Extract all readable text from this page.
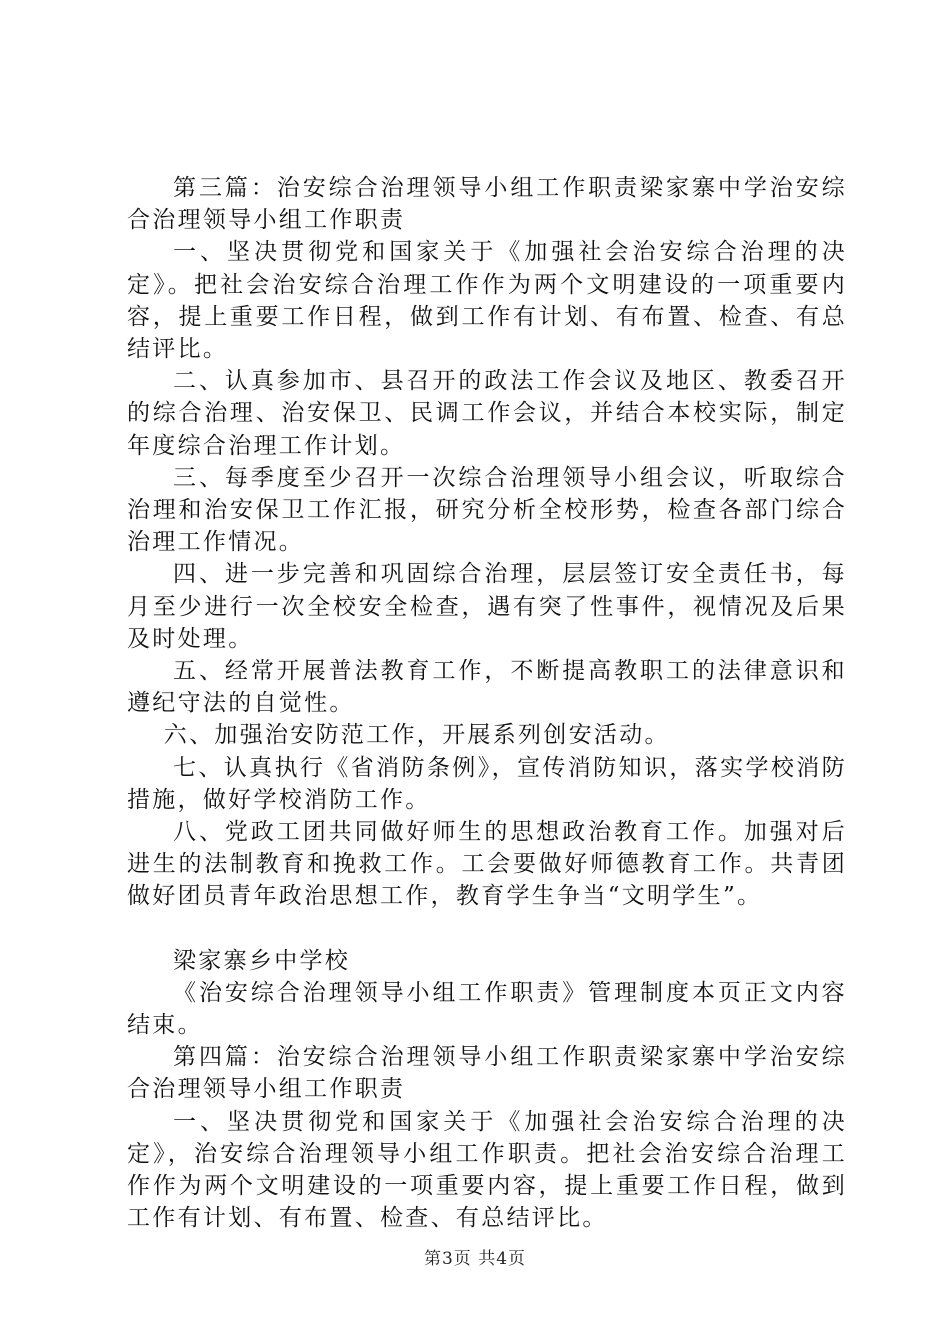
第三篇：治安综合治理领导小组工作职责梁家寨中学治安综合治理领导小组工作职责

一、坚决贯彻党和国家关于《加强社会治安综合治理的决定》。把社会治安综合治理工作作为两个文明建设的一项重要内容，提上重要工作日程，做到工作有计划、有布置、检查、有总结评比。

二、认真参加市、县召开的政法工作会议及地区、教委召开的综合治理、治安保卫、民调工作会议，并结合本校实际，制定年度综合治理工作计划。

三、每季度至少召开一次综合治理领导小组会议，听取综合治理和治安保卫工作汇报，研究分析全校形势，检查各部门综合治理工作情况。

四、进一步完善和巩固综合治理，层层签订安全责任书，每月至少进行一次全校安全检查，遇有突了性事件，视情况及后果及时处理。

五、经常开展普法教育工作，不断提高教职工的法律意识和遵纪守法的自觉性。

六、加强治安防范工作，开展系列创安活动。

七、认真执行《省消防条例》，宣传消防知识，落实学校消防措施，做好学校消防工作。

八、党政工团共同做好师生的思想政治教育工作。加强对后进生的法制教育和挽救工作。工会要做好师德教育工作。共青团做好团员青年政治思想工作，教育学生争当“文明学生”。

梁家寨乡中学校

《治安综合治理领导小组工作职责》管理制度本页正文内容结束。

第四篇：治安综合治理领导小组工作职责梁家寨中学治安综合治理领导小组工作职责

一、坚决贯彻党和国家关于《加强社会治安综合治理的决定》，治安综合治理领导小组工作职责。把社会治安综合治理工作作为两个文明建设的一项重要内容，提上重要工作日程，做到工作有计划、有布置、检查、有总结评比。

第3页 共4页
